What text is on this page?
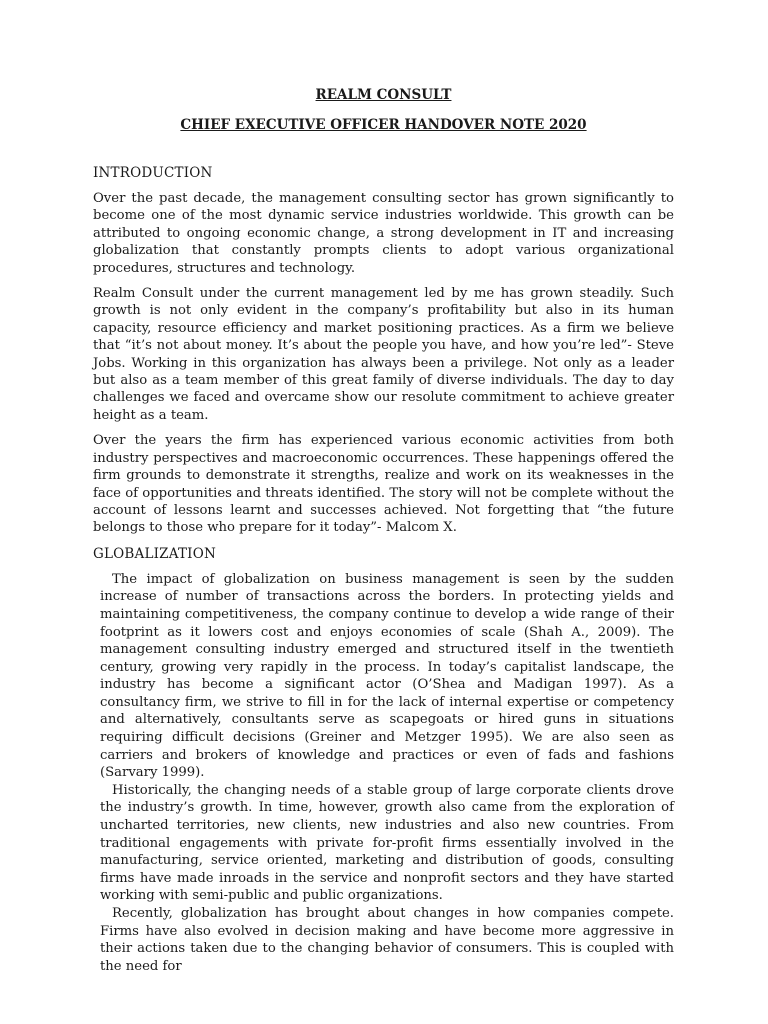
REALM CONSULT

CHIEF EXECUTIVE OFFICER HANDOVER NOTE 2020

INTRODUCTION

Over the past decade, the management consulting sector has grown significantly to become one of the most dynamic service industries worldwide. This growth can be attributed to ongoing economic change, a strong development in IT and increasing globalization that constantly prompts clients to adopt various organizational procedures, structures and technology.

Realm Consult under the current management led by me has grown steadily. Such growth is not only evident in the company’s profitability but also in its human capacity, resource efficiency and market positioning practices. As a firm we believe that “it’s not about money. It’s about the people you have, and how you’re led”- Steve Jobs. Working in this organization has always been a privilege. Not only as a leader but also as a team member of this great family of diverse individuals. The day to day challenges we faced and overcame show our resolute commitment to achieve greater height as a team.

Over the years the firm has experienced various economic activities from both industry perspectives and macroeconomic occurrences. These happenings offered the firm grounds to demonstrate it strengths, realize and work on its weaknesses in the face of opportunities and threats identified. The story will not be complete without the account of lessons learnt and successes achieved. Not forgetting that “the future belongs to those who prepare for it today”- Malcom X.

GLOBALIZATION

The impact of globalization on business management is seen by the sudden increase of number of transactions across the borders. In protecting yields and maintaining competitiveness, the company continue to develop a wide range of their footprint as it lowers cost and enjoys economies of scale (Shah A., 2009). The management consulting industry emerged and structured itself in the twentieth century, growing very rapidly in the process. In today’s capitalist landscape, the industry has become a significant actor (O’Shea and Madigan 1997). As a consultancy firm, we strive to fill in for the lack of internal expertise or competency and alternatively, consultants serve as scapegoats or hired guns in situations requiring difficult decisions (Greiner and Metzger 1995). We are also seen as carriers and brokers of knowledge and practices or even of fads and fashions (Sarvary 1999).

Historically, the changing needs of a stable group of large corporate clients drove the industry’s growth. In time, however, growth also came from the exploration of uncharted territories, new clients, new industries and also new countries. From traditional engagements with private for-profit firms essentially involved in the manufacturing, service oriented, marketing and distribution of goods, consulting firms have made inroads in the service and nonprofit sectors and they have started working with semi-public and public organizations.

Recently, globalization has brought about changes in how companies compete. Firms have also evolved in decision making and have become more aggressive in their actions taken due to the changing behavior of consumers. This is coupled with the need for
